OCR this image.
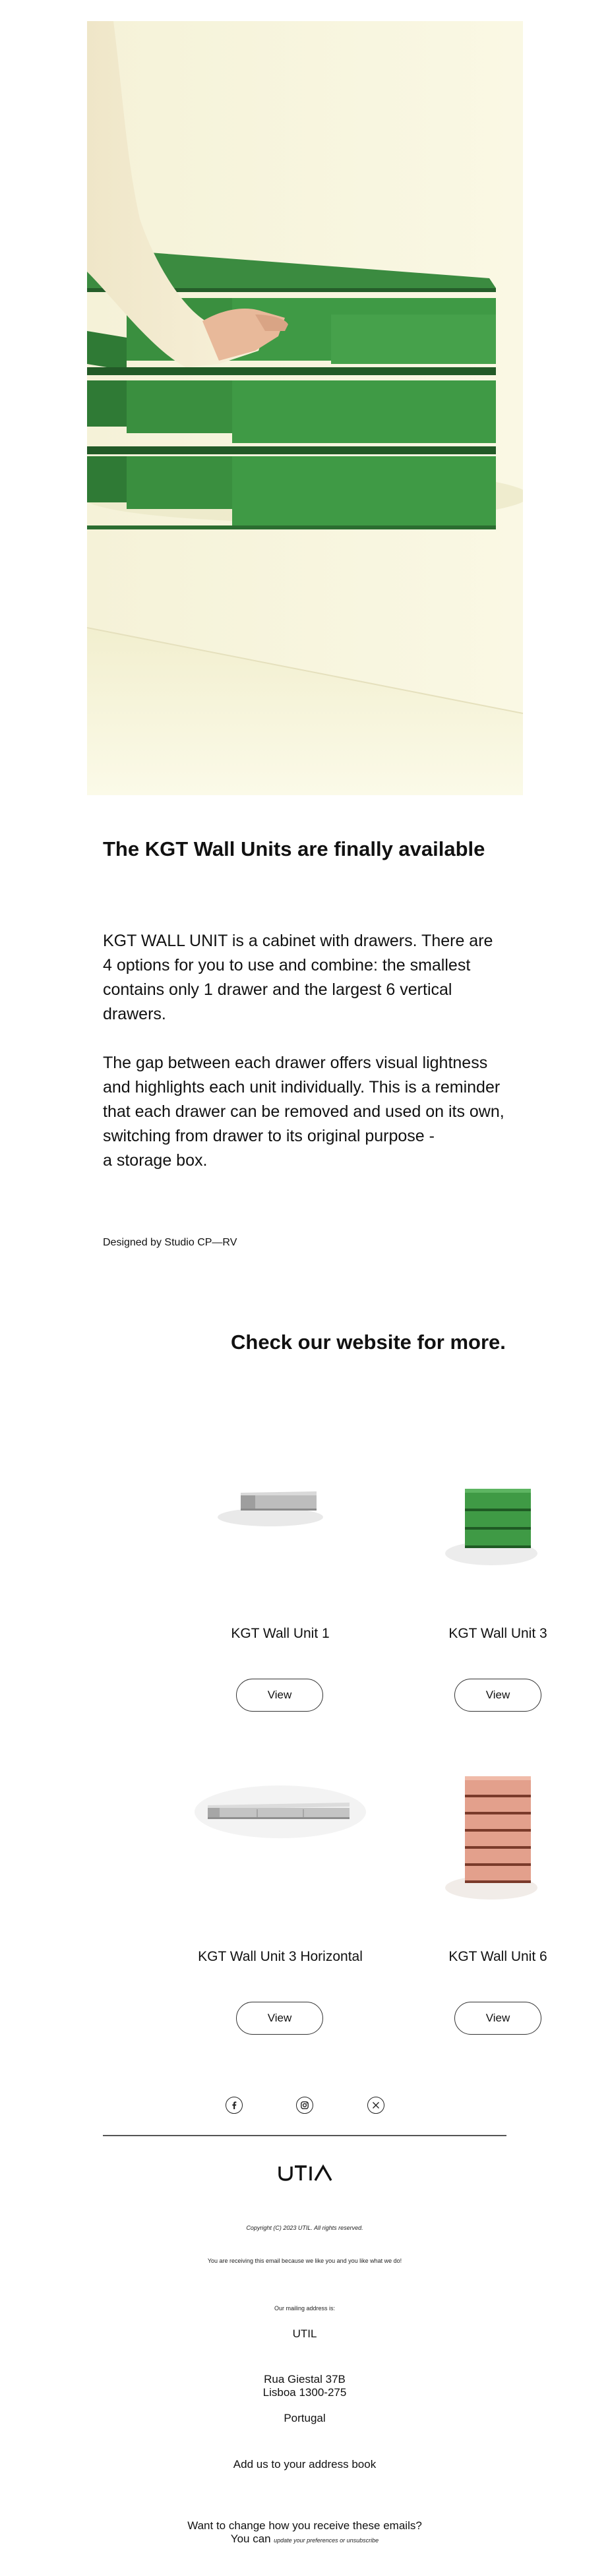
The KGT Wall Units are finally available

KGT WALL UNIT is a cabinet with drawers. There are
4 options for you to use and combine: the smallest
contains only 1 drawer and the largest 6 vertical
drawers.

The gap between each drawer offers visual lightness
and highlights each unit individually. This is a reminder
that each drawer can be removed and used on its own,
switching from drawer to its original purpose -
a storage box.

Designed by Studio CP—RV
Check our website for more.
KGT Wall Unit 1
View
KGT Wall Unit 3
View
KGT Wall Unit 3 Horizontal
View
KGT Wall Unit 6
View
Copyright (C) 2023 UTIL. All rights reserved.
You are receiving this email because we like you and you like what we do!
Our mailing address is:
UTIL
Rua Giestal 37B
Lisboa 1300-275
Portugal
Add us to your address book
Want to change how you receive these emails?
You can update your preferences or unsubscribe
